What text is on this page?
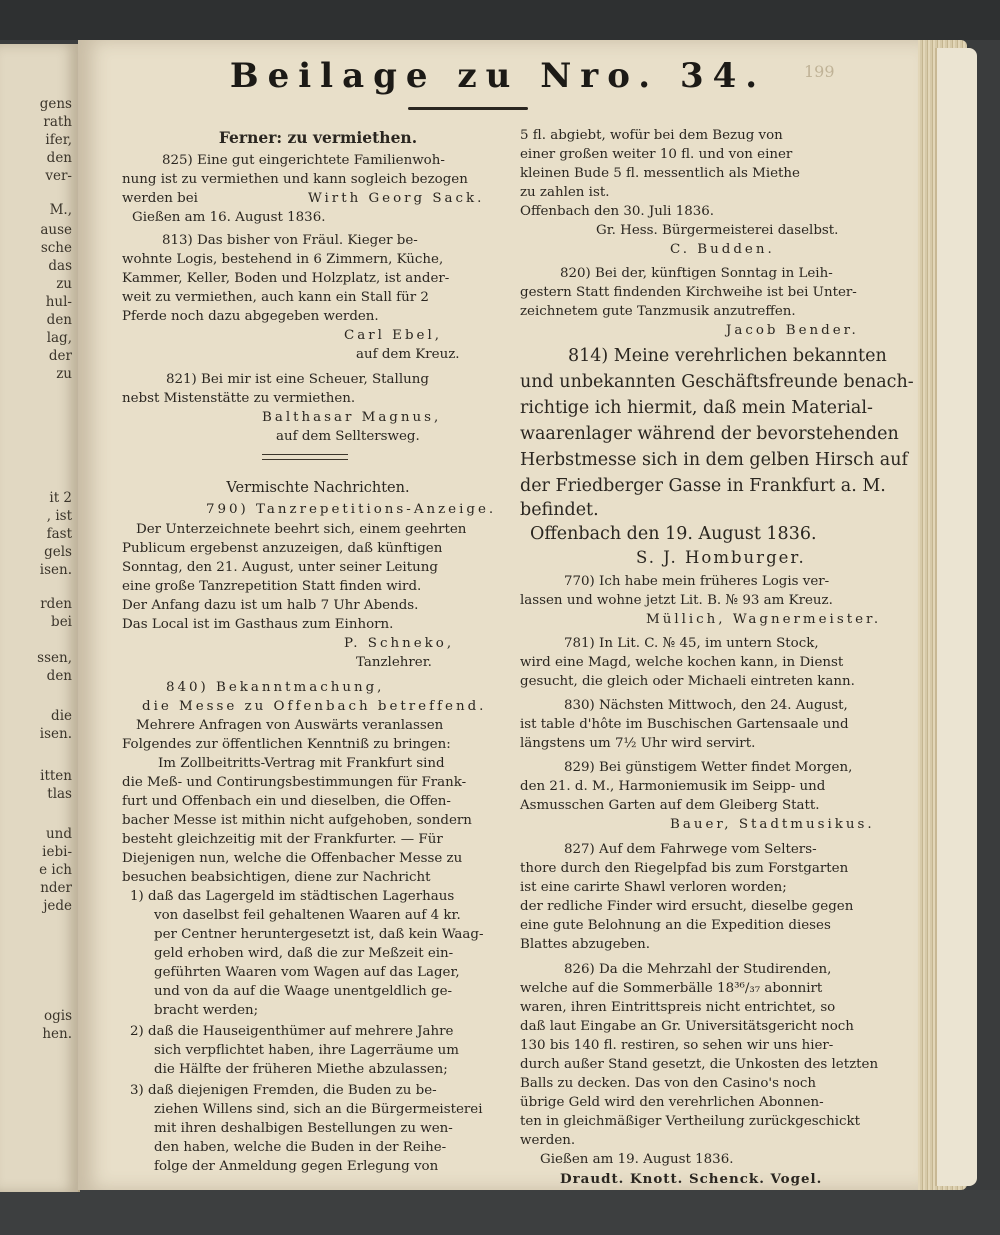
gens
rath
ifer,
den
ver-
M.,
ause
sche
das
zu
hul-
den
lag,
der
zu
it 2
, ist
fast
gels
isen.
rden
bei
ssen,
den
die
isen.
itten
tlas
und
iebi-
e ich
nder
jede
ogis
hen.
Beilage zu Nro. 34.	199
Ferner: zu vermiethen.
825) Eine gut eingerichtete Familienwoh-
nung ist zu vermiethen und kann sogleich bezogen
werden bei	Wirth Georg Sack.
Gießen am 16. August 1836.
813) Das bisher von Fräul. Kieger be-
wohnte Logis, bestehend in 6 Zimmern, Küche,
Kammer, Keller, Boden und Holzplatz, ist ander-
weit zu vermiethen, auch kann ein Stall für 2
Pferde noch dazu abgegeben werden.
Carl Ebel,
auf dem Kreuz.
821) Bei mir ist eine Scheuer, Stallung
nebst Mistenstätte zu vermiethen.
Balthasar Magnus,
auf dem Selltersweg.
Vermischte Nachrichten.
790) Tanzrepetitions-Anzeige.
Der Unterzeichnete beehrt sich, einem geehrten
Publicum ergebenst anzuzeigen, daß künftigen
Sonntag, den 21. August, unter seiner Leitung
eine große Tanzrepetition Statt finden wird.
Der Anfang dazu ist um halb 7 Uhr Abends.
Das Local ist im Gasthaus zum Einhorn.
P. Schneko,
Tanzlehrer.
840) Bekanntmachung,
die Messe zu Offenbach betreffend.
Mehrere Anfragen von Auswärts veranlassen
Folgendes zur öffentlichen Kenntniß zu bringen:
Im Zollbeitritts-Vertrag mit Frankfurt sind
die Meß- und Contirungsbestimmungen für Frank-
furt und Offenbach ein und dieselben, die Offen-
bacher Messe ist mithin nicht aufgehoben, sondern
besteht gleichzeitig mit der Frankfurter. — Für
Diejenigen nun, welche die Offenbacher Messe zu
besuchen beabsichtigen, diene zur Nachricht
1) daß das Lagergeld im städtischen Lagerhaus
von daselbst feil gehaltenen Waaren auf 4 kr.
per Centner heruntergesetzt ist, daß kein Waag-
geld erhoben wird, daß die zur Meßzeit ein-
geführten Waaren vom Wagen auf das Lager,
und von da auf die Waage unentgeldlich ge-
bracht werden;
2) daß die Hauseigenthümer auf mehrere Jahre
sich verpflichtet haben, ihre Lagerräume um
die Hälfte der früheren Miethe abzulassen;
3) daß diejenigen Fremden, die Buden zu be-
ziehen Willens sind, sich an die Bürgermeisterei
mit ihren deshalbigen Bestellungen zu wen-
den haben, welche die Buden in der Reihe-
folge der Anmeldung gegen Erlegung von
5 fl. abgiebt, wofür bei dem Bezug von
einer großen weiter 10 fl. und von einer
kleinen Bude 5 fl. messentlich als Miethe
zu zahlen ist.
Offenbach den 30. Juli 1836.
Gr. Hess. Bürgermeisterei daselbst.
C. Budden.
820) Bei der, künftigen Sonntag in Leih-
gestern Statt findenden Kirchweihe ist bei Unter-
zeichnetem gute Tanzmusik anzutreffen.
Jacob Bender.
814) Meine verehrlichen bekannten
und unbekannten Geschäftsfreunde benach-
richtige ich hiermit, daß mein Material-
waarenlager während der bevorstehenden
Herbstmesse sich in dem gelben Hirsch auf
der Friedberger Gasse in Frankfurt a. M.
befindet.
Offenbach den 19. August 1836.
S. J. Homburger.
770) Ich habe mein früheres Logis ver-
lassen und wohne jetzt Lit. B. № 93 am Kreuz.
Müllich, Wagnermeister.
781) In Lit. C. № 45, im untern Stock,
wird eine Magd, welche kochen kann, in Dienst
gesucht, die gleich oder Michaeli eintreten kann.
830) Nächsten Mittwoch, den 24. August,
ist table d'hôte im Buschischen Gartensaale und
längstens um 7½ Uhr wird servirt.
829) Bei günstigem Wetter findet Morgen,
den 21. d. M., Harmoniemusik im Seipp- und
Asmusschen Garten auf dem Gleiberg Statt.
Bauer, Stadtmusikus.
827) Auf dem Fahrwege vom Selters-
thore durch den Riegelpfad bis zum Forstgarten
ist eine carirte Shawl verloren worden;
der redliche Finder wird ersucht, dieselbe gegen
eine gute Belohnung an die Expedition dieses
Blattes abzugeben.
826) Da die Mehrzahl der Studirenden,
welche auf die Sommerbälle 18³⁶/₃₇ abonnirt
waren, ihren Eintrittspreis nicht entrichtet, so
daß laut Eingabe an Gr. Universitätsgericht noch
130 bis 140 fl. restiren, so sehen wir uns hier-
durch außer Stand gesetzt, die Unkosten des letzten
Balls zu decken. Das von den Casino's noch
übrige Geld wird den verehrlichen Abonnen-
ten in gleichmäßiger Vertheilung zurückgeschickt
werden.
Gießen am 19. August 1836.
Draudt. Knott. Schenck. Vogel.
